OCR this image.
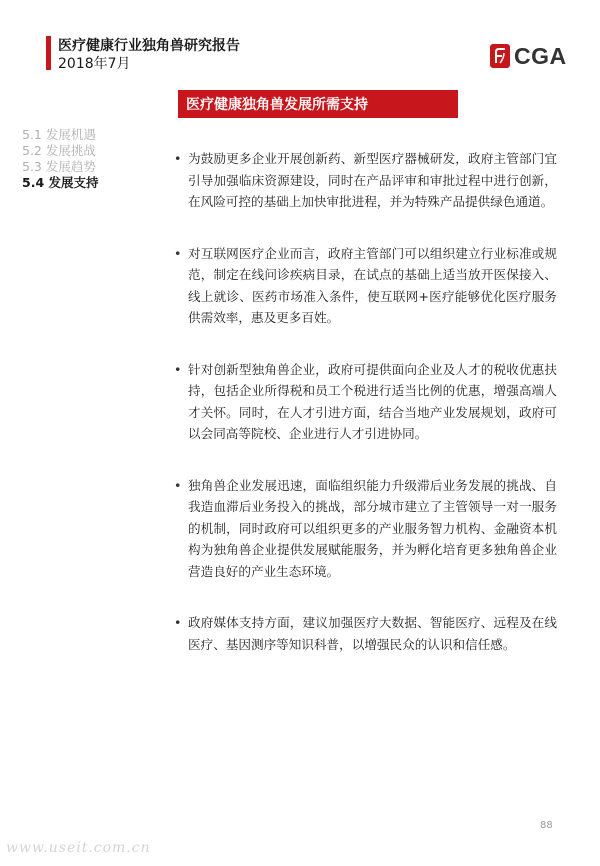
医疗健康行业独角兽研究报告
2018年7月	CGA
医疗健康独角兽发展所需支持
5.1 发展机遇
5.2 发展挑战
5.3 发展趋势
5.4 发展支持
• 为鼓励更多企业开展创新药、新型医疗器械研发，政府主管部门宜引导加强临床资源建设，同时在产品评审和审批过程中进行创新，在风险可控的基础上加快审批进程，并为特殊产品提供绿色通道。
• 对互联网医疗企业而言，政府主管部门可以组织建立行业标准或规范，制定在线问诊疾病目录，在试点的基础上适当放开医保接入、线上就诊、医药市场准入条件，使互联网+医疗能够优化医疗服务供需效率，惠及更多百姓。
• 针对创新型独角兽企业，政府可提供面向企业及人才的税收优惠扶持，包括企业所得税和员工个税进行适当比例的优惠，增强高端人才关怀。同时，在人才引进方面，结合当地产业发展规划，政府可以会同高等院校、企业进行人才引进协同。
• 独角兽企业发展迅速，面临组织能力升级滞后业务发展的挑战、自我造血滞后业务投入的挑战，部分城市建立了主管领导一对一服务的机制，同时政府可以组织更多的产业服务智力机构、金融资本机构为独角兽企业提供发展赋能服务，并为孵化培育更多独角兽企业营造良好的产业生态环境。
• 政府媒体支持方面，建议加强医疗大数据、智能医疗、远程及在线医疗、基因测序等知识科普，以增强民众的认识和信任感。
88
www.useit.com.cn
